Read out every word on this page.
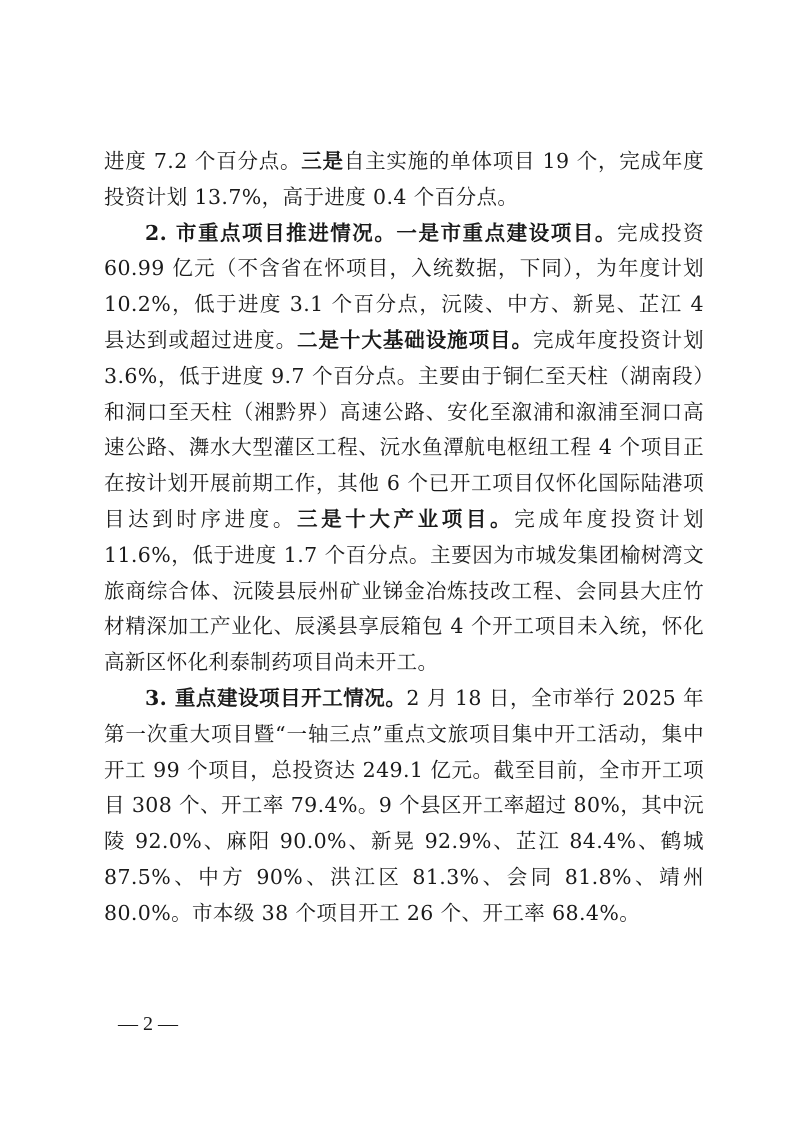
进度 7.2 个百分点。三是自主实施的单体项目 19 个，完成年度投资计划 13.7%，高于进度 0.4 个百分点。

2. 市重点项目推进情况。一是市重点建设项目。完成投资 60.99 亿元（不含省在怀项目，入统数据，下同），为年度计划 10.2%，低于进度 3.1 个百分点，沅陵、中方、新晃、芷江 4 县达到或超过进度。二是十大基础设施项目。完成年度投资计划 3.6%，低于进度 9.7 个百分点。主要由于铜仁至天柱（湖南段）和洞口至天柱（湘黔界）高速公路、安化至溆浦和溆浦至洞口高速公路、㵲水大型灌区工程、沅水鱼潭航电枢纽工程 4 个项目正在按计划开展前期工作，其他 6 个已开工项目仅怀化国际陆港项目达到时序进度。三是十大产业项目。完成年度投资计划 11.6%，低于进度 1.7 个百分点。主要因为市城发集团榆树湾文旅商综合体、沅陵县辰州矿业锑金冶炼技改工程、会同县大庄竹材精深加工产业化、辰溪县享辰箱包 4 个开工项目未入统，怀化高新区怀化利泰制药项目尚未开工。

3. 重点建设项目开工情况。2 月 18 日，全市举行 2025 年第一次重大项目暨“一轴三点”重点文旅项目集中开工活动，集中开工 99 个项目，总投资达 249.1 亿元。截至目前，全市开工项目 308 个、开工率 79.4%。9 个县区开工率超过 80%，其中沅陵 92.0%、麻阳 90.0%、新晃 92.9%、芷江 84.4%、鹤城 87.5%、中方 90%、洪江区 81.3%、会同 81.8%、靖州 80.0%。市本级 38 个项目开工 26 个、开工率 68.4%。

— 2 —
